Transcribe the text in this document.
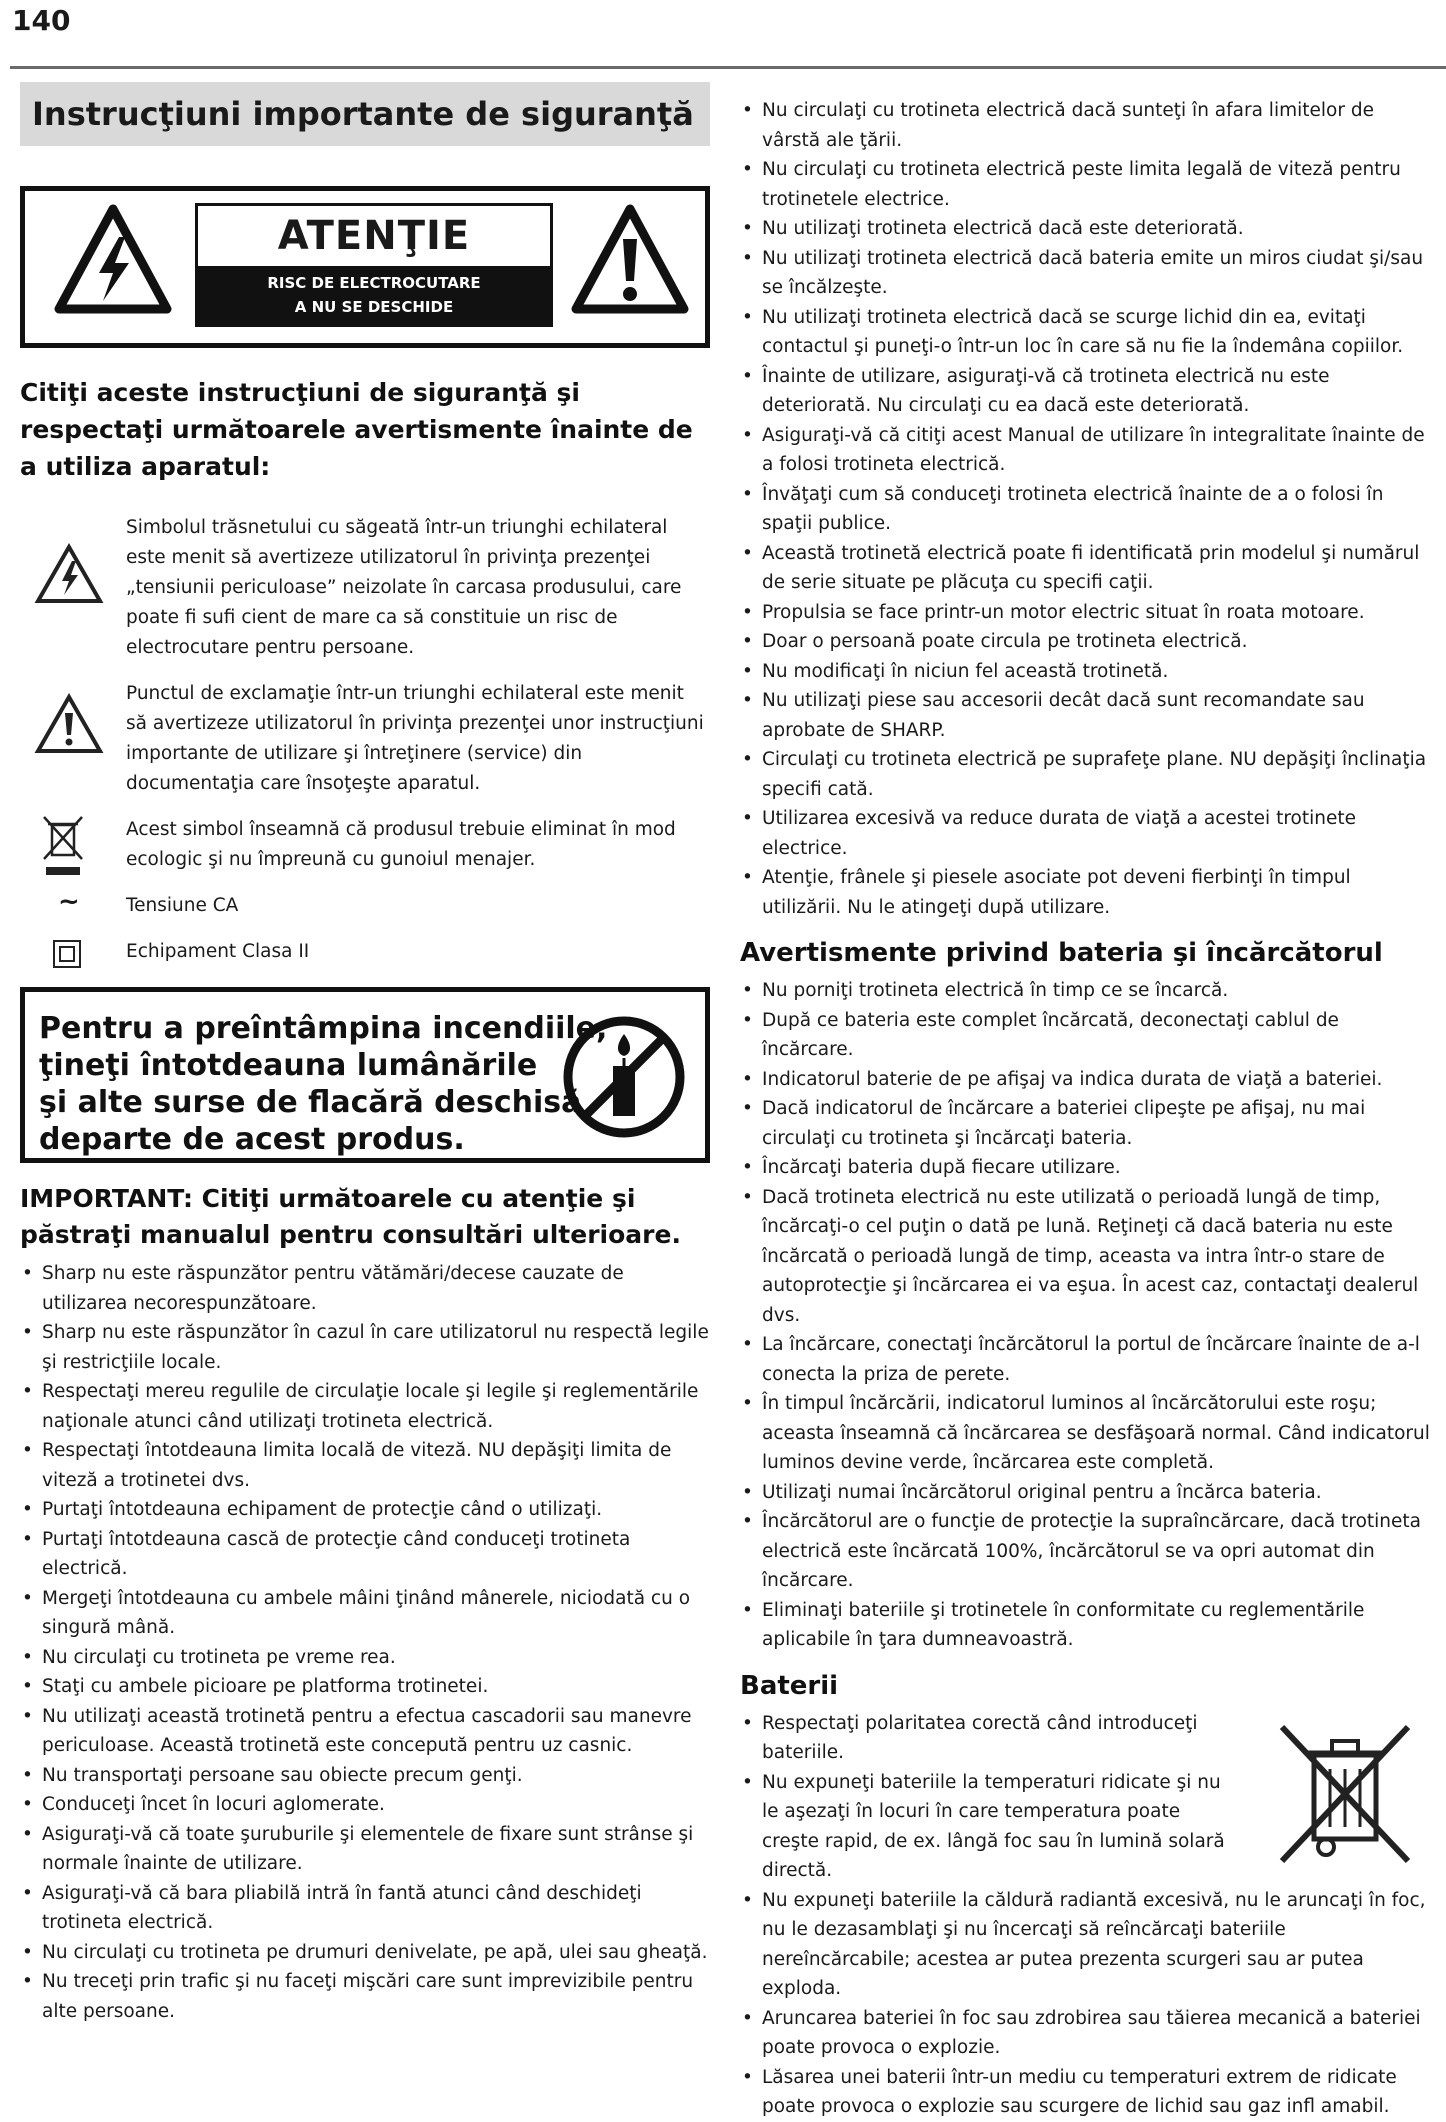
140
Instrucţiuni importante de siguranţă
ATENŢIE
RISC DE ELECTROCUTARE
A NU SE DESCHIDE
Citiţi aceste instrucţiuni de siguranţă şi respectaţi următoarele avertismente înainte de a utiliza aparatul:
Simbolul trăsnetului cu săgeată într-un triunghi echilateral este menit să avertizeze utilizatorul în privinţa prezenţei „tensiunii periculoase” neizolate în carcasa produsului, care poate fi sufi cient de mare ca să constituie un risc de electrocutare pentru persoane.
Punctul de exclamaţie într-un triunghi echilateral este menit să avertizeze utilizatorul în privinţa prezenţei unor instrucţiuni importante de utilizare şi întreţinere (service) din documentaţia care însoţeşte aparatul.
Acest simbol înseamnă că produsul trebuie eliminat în mod ecologic şi nu împreună cu gunoiul menajer.
~ Tensiune CA
Echipament Clasa II
Pentru a preîntâmpina incendiile,
ţineţi întotdeauna lumânările
şi alte surse de flacără deschisă
departe de acest produs.
IMPORTANT: Citiţi următoarele cu atenţie şi păstraţi manualul pentru consultări ulterioare.
• Sharp nu este răspunzător pentru vătămări/decese cauzate de utilizarea necorespunzătoare.
• Sharp nu este răspunzător în cazul în care utilizatorul nu respectă legile şi restricţiile locale.
• Respectaţi mereu regulile de circulaţie locale şi legile şi reglementările naţionale atunci când utilizaţi trotineta electrică.
• Respectaţi întotdeauna limita locală de viteză. NU depăşiţi limita de viteză a trotinetei dvs.
• Purtaţi întotdeauna echipament de protecţie când o utilizaţi.
• Purtaţi întotdeauna cască de protecţie când conduceţi trotineta electrică.
• Mergeţi întotdeauna cu ambele mâini ţinând mânerele, niciodată cu o singură mână.
• Nu circulaţi cu trotineta pe vreme rea.
• Staţi cu ambele picioare pe platforma trotinetei.
• Nu utilizaţi această trotinetă pentru a efectua cascadorii sau manevre periculoase. Această trotinetă este concepută pentru uz casnic.
• Nu transportaţi persoane sau obiecte precum genţi.
• Conduceţi încet în locuri aglomerate.
• Asiguraţi-vă că toate şuruburile şi elementele de fixare sunt strânse şi normale înainte de utilizare.
• Asiguraţi-vă că bara pliabilă intră în fantă atunci când deschideţi trotineta electrică.
• Nu circulaţi cu trotineta pe drumuri denivelate, pe apă, ulei sau gheaţă.
• Nu treceţi prin trafic şi nu faceţi mişcări care sunt imprevizibile pentru alte persoane.
• Nu circulaţi cu trotineta electrică dacă sunteţi în afara limitelor de vârstă ale ţării.
• Nu circulaţi cu trotineta electrică peste limita legală de viteză pentru trotinetele electrice.
• Nu utilizaţi trotineta electrică dacă este deteriorată.
• Nu utilizaţi trotineta electrică dacă bateria emite un miros ciudat şi/sau se încălzeşte.
• Nu utilizaţi trotineta electrică dacă se scurge lichid din ea, evitaţi contactul şi puneţi-o într-un loc în care să nu fie la îndemâna copiilor.
• Înainte de utilizare, asiguraţi-vă că trotineta electrică nu este deteriorată. Nu circulaţi cu ea dacă este deteriorată.
• Asiguraţi-vă că citiţi acest Manual de utilizare în integralitate înainte de a folosi trotineta electrică.
• Învăţaţi cum să conduceţi trotineta electrică înainte de a o folosi în spaţii publice.
• Această trotinetă electrică poate fi identificată prin modelul şi numărul de serie situate pe plăcuţa cu specifi caţii.
• Propulsia se face printr-un motor electric situat în roata motoare.
• Doar o persoană poate circula pe trotineta electrică.
• Nu modificaţi în niciun fel această trotinetă.
• Nu utilizaţi piese sau accesorii decât dacă sunt recomandate sau aprobate de SHARP.
• Circulaţi cu trotineta electrică pe suprafeţe plane. NU depăşiţi înclinaţia specifi cată.
• Utilizarea excesivă va reduce durata de viaţă a acestei trotinete electrice.
• Atenţie, frânele şi piesele asociate pot deveni fierbinţi în timpul utilizării. Nu le atingeţi după utilizare.
Avertismente privind bateria şi încărcătorul
• Nu porniţi trotineta electrică în timp ce se încarcă.
• După ce bateria este complet încărcată, deconectaţi cablul de încărcare.
• Indicatorul baterie de pe afişaj va indica durata de viaţă a bateriei.
• Dacă indicatorul de încărcare a bateriei clipeşte pe afişaj, nu mai circulaţi cu trotineta şi încărcaţi bateria.
• Încărcaţi bateria după fiecare utilizare.
• Dacă trotineta electrică nu este utilizată o perioadă lungă de timp, încărcaţi-o cel puţin o dată pe lună. Reţineţi că dacă bateria nu este încărcată o perioadă lungă de timp, aceasta va intra într-o stare de autoprotecţie şi încărcarea ei va eşua. În acest caz, contactaţi dealerul dvs.
• La încărcare, conectaţi încărcătorul la portul de încărcare înainte de a-l conecta la priza de perete.
• În timpul încărcării, indicatorul luminos al încărcătorului este roşu; aceasta înseamnă că încărcarea se desfăşoară normal. Când indicatorul luminos devine verde, încărcarea este completă.
• Utilizaţi numai încărcătorul original pentru a încărca bateria.
• Încărcătorul are o funcţie de protecţie la supraîncărcare, dacă trotineta electrică este încărcată 100%, încărcătorul se va opri automat din încărcare.
• Eliminaţi bateriile şi trotinetele în conformitate cu reglementările aplicabile în ţara dumneavoastră.
Baterii
• Respectaţi polaritatea corectă când introduceţi bateriile.
• Nu expuneţi bateriile la temperaturi ridicate şi nu le aşezaţi în locuri în care temperatura poate creşte rapid, de ex. lângă foc sau în lumină solară directă.
• Nu expuneţi bateriile la căldură radiantă excesivă, nu le aruncaţi în foc, nu le dezasamblaţi şi nu încercaţi să reîncărcaţi bateriile nereîncărcabile; acestea ar putea prezenta scurgeri sau ar putea exploda.
• Aruncarea bateriei în foc sau zdrobirea sau tăierea mecanică a bateriei poate provoca o explozie.
• Lăsarea unei baterii într-un mediu cu temperaturi extrem de ridicate poate provoca o explozie sau scurgere de lichid sau gaz infl amabil.
